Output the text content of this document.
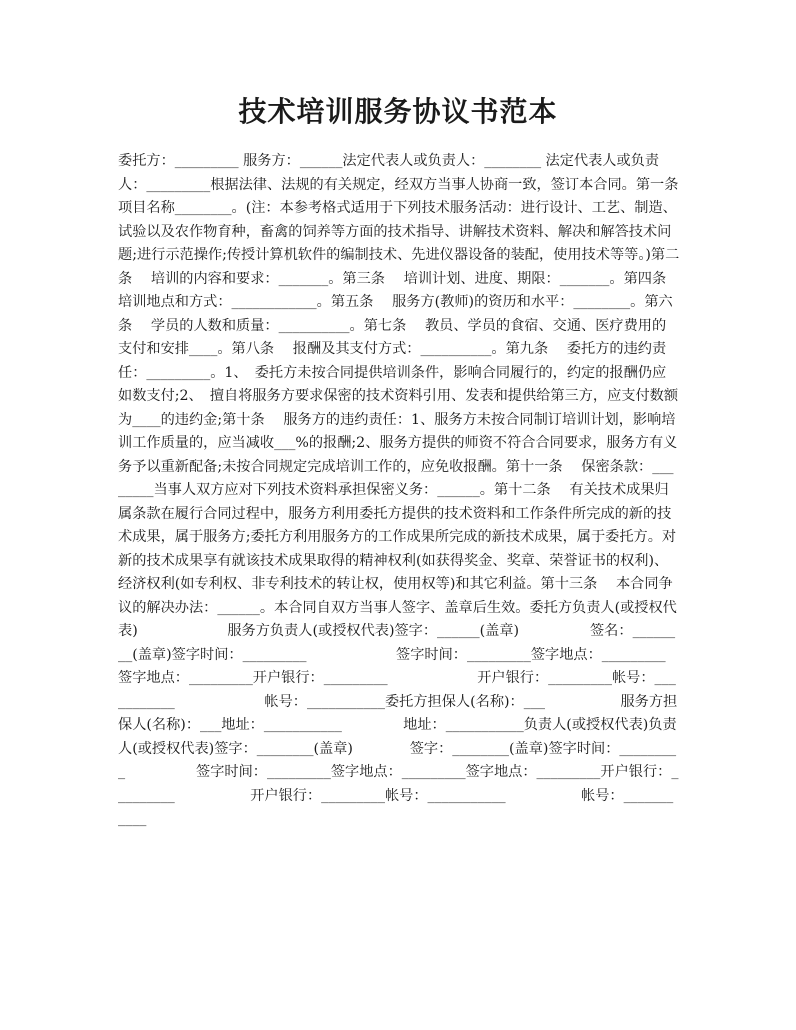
技术培训服务协议书范本
委托方：_________ 服务方：______法定代表人或负责人：________ 法定代表人或负责人：_________根据法律、法规的有关规定，经双方当事人协商一致，签订本合同。第一条　 项目名称________。(注：本参考格式适用于下列技术服务活动：进行设计、工艺、制造、试验以及农作物育种，畜禽的饲养等方面的技术指导、讲解技术资料、解决和解答技术问题;进行示范操作;传授计算机软件的编制技术、先进仪器设备的装配，使用技术等等。)第二条　 培训的内容和要求：_______。第三条　 培训计划、进度、期限：_______。第四条　 培训地点和方式：____________。第五条　 服务方(教师)的资历和水平：________。第六条　 学员的人数和质量：__________。第七条　 教员、学员的食宿、交通、医疗费用的支付和安排____。第八条　 报酬及其支付方式：__________。第九条　 委托方的违约责任：_________。1、　委托方未按合同提供培训条件，影响合同履行的，约定的报酬仍应如数支付;2、　擅自将服务方要求保密的技术资料引用、发表和提供给第三方，应支付数额为____的违约金;第十条　 服务方的违约责任：1、服务方未按合同制订培训计划，影响培训工作质量的，应当减收___%的报酬;2、服务方提供的师资不符合合同要求，服务方有义务予以重新配备;未按合同规定完成培训工作的，应免收报酬。第十一条　 保密条款：________当事人双方应对下列技术资料承担保密义务：______。第十二条　 有关技术成果归属条款在履行合同过程中，服务方利用委托方提供的技术资料和工作条件所完成的新的技术成果，属于服务方;委托方利用服务方的工作成果所完成的新技术成果，属于委托方。对新的技术成果享有就该技术成果取得的精神权利(如获得奖金、奖章、荣誉证书的权利)、经济权利(如专利权、非专利技术的转让权，使用权等)和其它利益。第十三条　 本合同争议的解决办法：______。本合同自双方当事人签字、盖章后生效。委托方负责人(或授权代表)　　　　　　 服务方负责人(或授权代表)签字：______(盖章)　　　　　签名：________(盖章)签字时间：_________　　　　　　 签字时间：_________签字地点：_________　　　　　　 签字地点：_________开户银行：_________　　　　　　 开户银行：_________帐号：___________　　　　　　 帐号：___________委托方担保人(名称)：___　　　　　 服务方担保人(名称)：___地址：___________　　　　 地址：___________负责人(或授权代表)负责人(或授权代表)签字：________(盖章)　　　　签字：________(盖章)签字时间：_________　　　　　签字时间：_________签字地点：_________签字地点：_________开户银行：_________　　　　　 开户银行：_________帐号：___________　　　　　 帐号：___________
